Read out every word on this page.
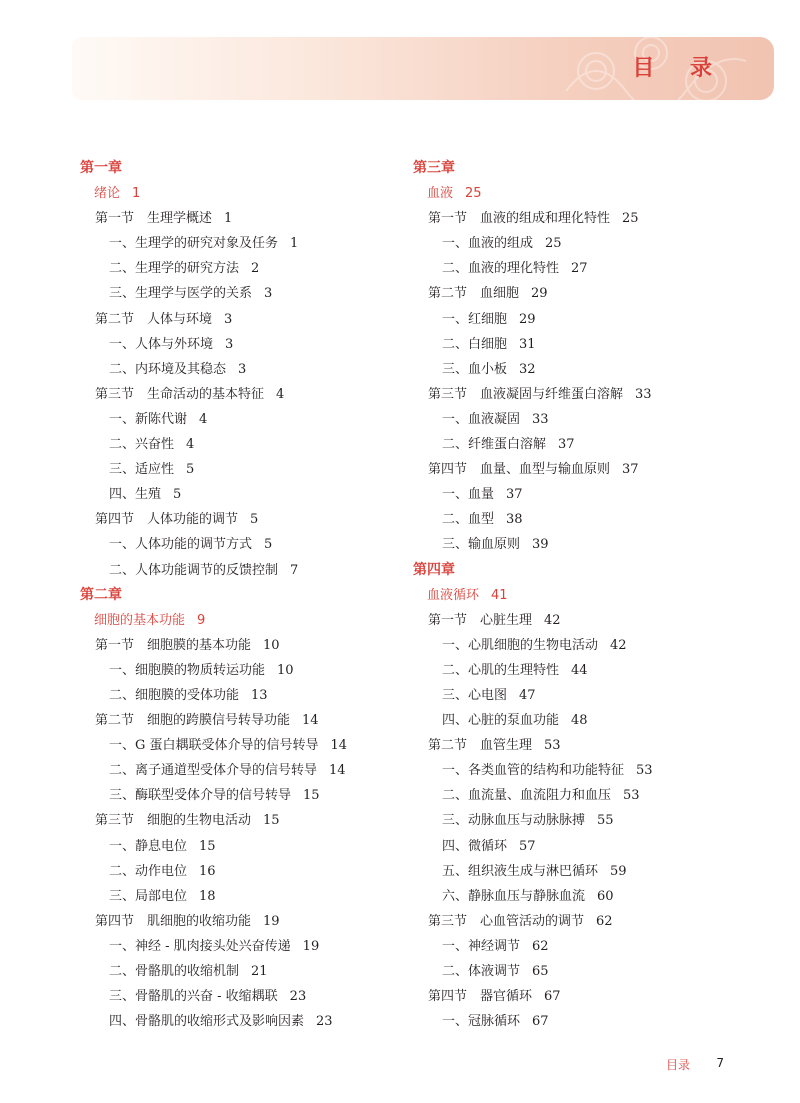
目 录
第一章
绪论 1
第一节　生理学概述 1
一、生理学的研究对象及任务 1
二、生理学的研究方法 2
三、生理学与医学的关系 3
第二节　人体与环境 3
一、人体与外环境 3
二、内环境及其稳态 3
第三节　生命活动的基本特征 4
一、新陈代谢 4
二、兴奋性 4
三、适应性 5
四、生殖 5
第四节　人体功能的调节 5
一、人体功能的调节方式 5
二、人体功能调节的反馈控制 7
第二章
细胞的基本功能 9
第一节　细胞膜的基本功能 10
一、细胞膜的物质转运功能 10
二、细胞膜的受体功能 13
第二节　细胞的跨膜信号转导功能 14
一、G 蛋白耦联受体介导的信号转导 14
二、离子通道型受体介导的信号转导 14
三、酶联型受体介导的信号转导 15
第三节　细胞的生物电活动 15
一、静息电位 15
二、动作电位 16
三、局部电位 18
第四节　肌细胞的收缩功能 19
一、神经 - 肌肉接头处兴奋传递 19
二、骨骼肌的收缩机制 21
三、骨骼肌的兴奋 - 收缩耦联 23
四、骨骼肌的收缩形式及影响因素 23
第三章
血液 25
第一节　血液的组成和理化特性 25
一、血液的组成 25
二、血液的理化特性 27
第二节　血细胞 29
一、红细胞 29
二、白细胞 31
三、血小板 32
第三节　血液凝固与纤维蛋白溶解 33
一、血液凝固 33
二、纤维蛋白溶解 37
第四节　血量、血型与输血原则 37
一、血量 37
二、血型 38
三、输血原则 39
第四章
血液循环 41
第一节　心脏生理 42
一、心肌细胞的生物电活动 42
二、心肌的生理特性 44
三、心电图 47
四、心脏的泵血功能 48
第二节　血管生理 53
一、各类血管的结构和功能特征 53
二、血流量、血流阻力和血压 53
三、动脉血压与动脉脉搏 55
四、微循环 57
五、组织液生成与淋巴循环 59
六、静脉血压与静脉血流 60
第三节　心血管活动的调节 62
一、神经调节 62
二、体液调节 65
第四节　器官循环 67
一、冠脉循环 67
目录 7
